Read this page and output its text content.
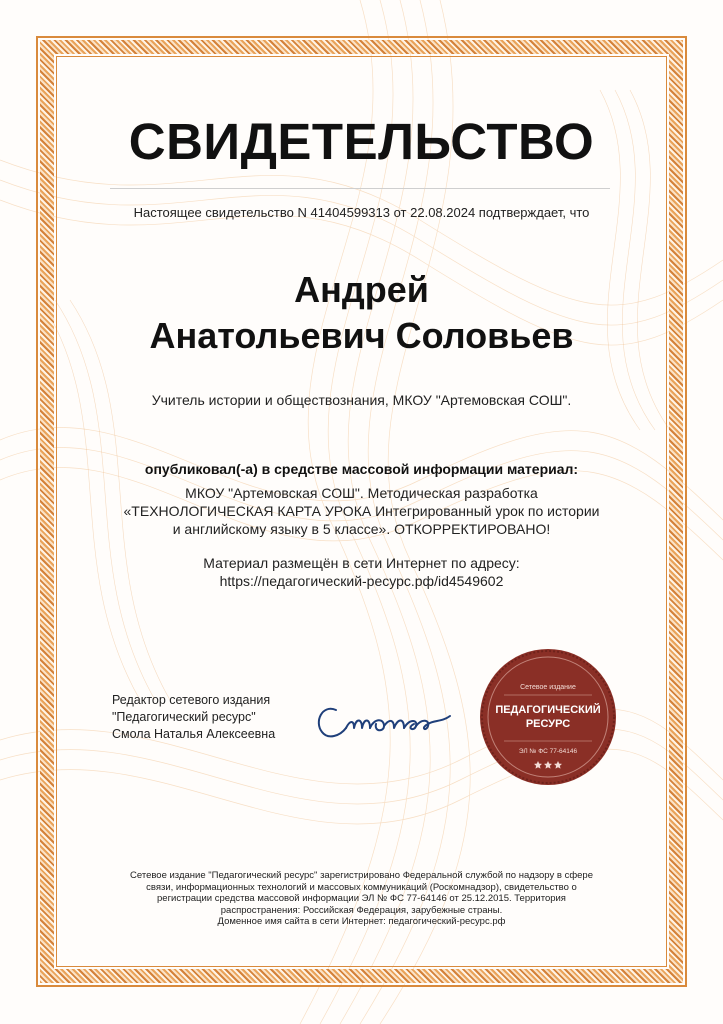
СВИДЕТЕЛЬСТВО
Настоящее свидетельство N 41404599313 от 22.08.2024 подтверждает, что
Андрей
Анатольевич Соловьев
Учитель истории и обществознания, МКОУ "Артемовская СОШ".
опубликовал(-а) в средстве массовой информации материал:
МКОУ "Артемовская СОШ". Методическая разработка
«ТЕХНОЛОГИЧЕСКАЯ КАРТА УРОКА Интегрированный урок по истории
и английскому языку в 5 классе». ОТКОРРЕКТИРОВАНО!
Материал размещён в сети Интернет по адресу:
https://педагогический-ресурс.рф/id4549602
Редактор сетевого издания
"Педагогический ресурс"
Смола Наталья Алексеевна
Сетевое издание
ПЕДАГОГИЧЕСКИЙ
РЕСУРС
ЭЛ № ФС 77-64146
Сетевое издание "Педагогический ресурс" зарегистрировано Федеральной службой по надзору в сфере
связи, информационных технологий и массовых коммуникаций (Роскомнадзор), свидетельство о
регистрации средства массовой информации ЭЛ № ФС 77-64146 от 25.12.2015. Территория
распространения: Российская Федерация, зарубежные страны.
Доменное имя сайта в сети Интернет: педагогический-ресурс.рф
